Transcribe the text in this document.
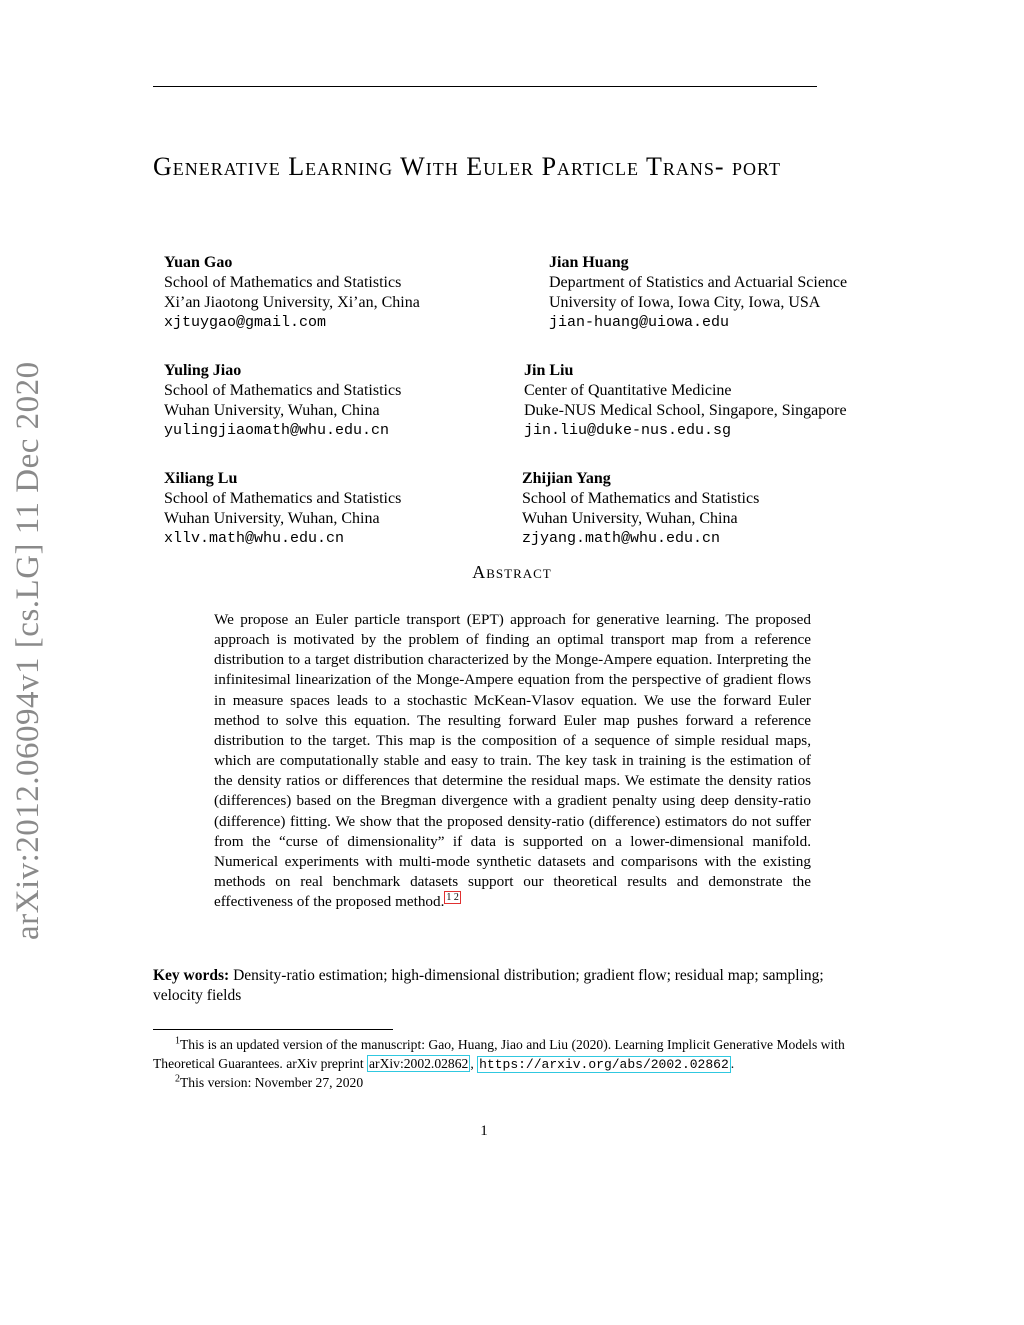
arXiv:2012.06094v1 [cs.LG] 11 Dec 2020
Generative Learning With Euler Particle Trans- port
Yuan Gao
School of Mathematics and Statistics
Xi’an Jiaotong University, Xi’an, China
xjtuygao@gmail.com
Jian Huang
Department of Statistics and Actuarial Science
University of Iowa, Iowa City, Iowa, USA
jian-huang@uiowa.edu
Yuling Jiao
School of Mathematics and Statistics
Wuhan University, Wuhan, China
yulingjiaomath@whu.edu.cn
Jin Liu
Center of Quantitative Medicine
Duke-NUS Medical School, Singapore, Singapore
jin.liu@duke-nus.edu.sg
Xiliang Lu
School of Mathematics and Statistics
Wuhan University, Wuhan, China
xllv.math@whu.edu.cn
Zhijian Yang
School of Mathematics and Statistics
Wuhan University, Wuhan, China
zjyang.math@whu.edu.cn
Abstract
We propose an Euler particle transport (EPT) approach for generative learning. The proposed approach is motivated by the problem of finding an optimal transport map from a reference distribution to a target distribution characterized by the Monge-Ampere equation. Interpreting the infinitesimal linearization of the Monge-Ampere equation from the perspective of gradient flows in measure spaces leads to a stochastic McKean-Vlasov equation. We use the forward Euler method to solve this equation. The resulting forward Euler map pushes forward a reference distribution to the target. This map is the composition of a sequence of simple residual maps, which are computationally stable and easy to train. The key task in training is the estimation of the density ratios or differences that determine the residual maps. We estimate the density ratios (differences) based on the Bregman divergence with a gradient penalty using deep density-ratio (difference) fitting. We show that the proposed density-ratio (difference) estimators do not suffer from the “curse of dimensionality” if data is supported on a lower-dimensional manifold. Numerical experiments with multi-mode synthetic datasets and comparisons with the existing methods on real benchmark datasets support our theoretical results and demonstrate the effectiveness of the proposed method. $^{1 2}$
Key words: Density-ratio estimation; high-dimensional distribution; gradient flow; residual map; sampling; velocity fields
$^1$This is an updated version of the manuscript: Gao, Huang, Jiao and Liu (2020). Learning Implicit Generative Models with Theoretical Guarantees. arXiv preprint arXiv:2002.02862 , https://arxiv.org/abs/2002.02862 .
$^2$This version: November 27, 2020
1
